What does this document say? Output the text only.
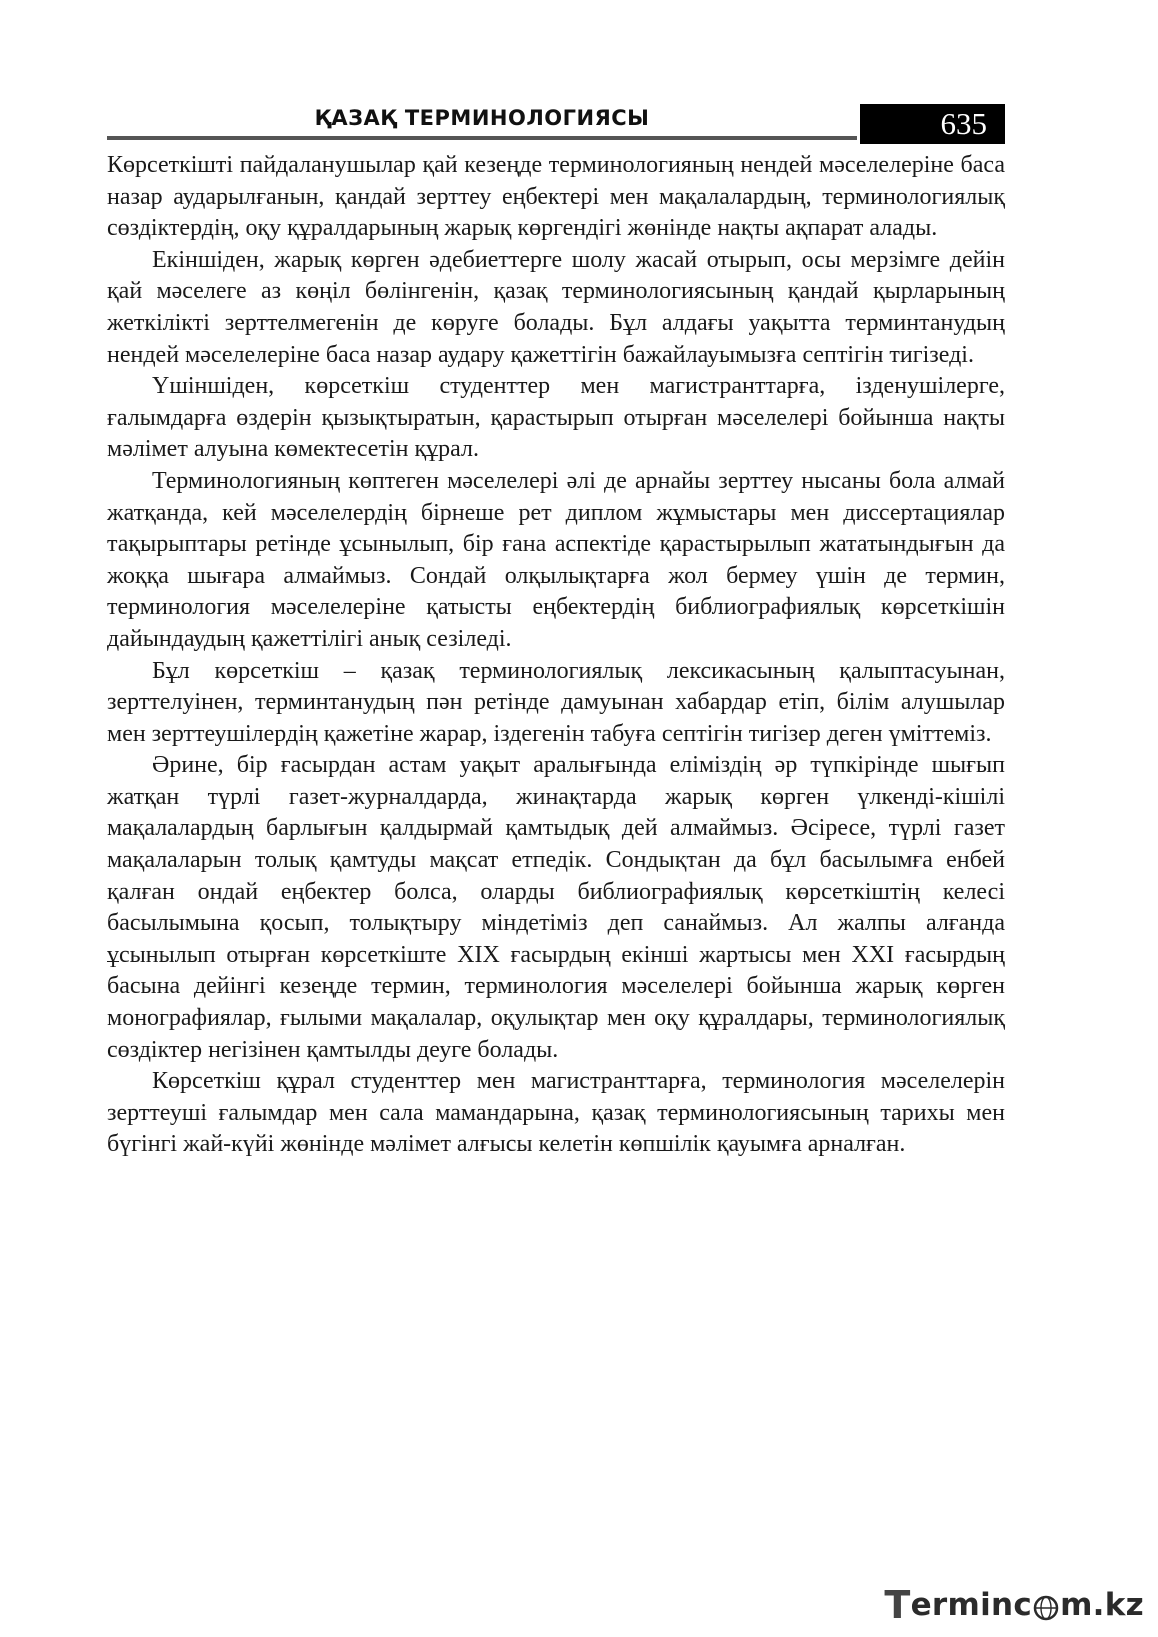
ҚАЗАҚ ТЕРМИНОЛОГИЯСЫ	635

Көрсеткішті пайдаланушылар қай кезеңде терминологияның нендей мәселелеріне баса назар аударылғанын, қандай зерттеу еңбектері мен мақалалардың, терминологиялық сөздіктердің, оқу құралдарының жарық көргендігі жөнінде нақты ақпарат алады.

Екіншіден, жарық көрген әдебиеттерге шолу жасай отырып, осы мерзімге дейін қай мәселеге аз көңіл бөлінгенін, қазақ терминологиясының қандай қырларының жеткілікті зерттелмегенін де көруге болады. Бұл алдағы уақытта терминтанудың нендей мәселелеріне баса назар аудару қажеттігін бажайлауымызға септігін тигізеді.

Үшіншіден, көрсеткіш студенттер мен магистранттарға, ізденушілерге, ғалымдарға өздерін қызықтыратын, қарастырып отырған мәселелері бойынша нақты мәлімет алуына көмектесетін құрал.

Терминологияның көптеген мәселелері әлі де арнайы зерттеу нысаны бола алмай жатқанда, кей мәселелердің бірнеше рет диплом жұмыстары мен диссертациялар тақырыптары ретінде ұсынылып, бір ғана аспектіде қарастырылып жататындығын да жоққа шығара алмаймыз. Сондай олқылықтарға жол бермеу үшін де термин, терминология мәселелеріне қатысты еңбектердің библиографиялық көрсеткішін дайындаудың қажеттілігі анық сезіледі.

Бұл көрсеткіш – қазақ терминологиялық лексикасының қалыптасуынан, зерттелуінен, терминтанудың пән ретінде дамуынан хабардар етіп, білім алушылар мен зерттеушілердің қажетіне жарар, іздегенін табуға септігін тигізер деген үміттеміз.

Әрине, бір ғасырдан астам уақыт аралығында еліміздің әр түпкірінде шығып жатқан түрлі газет-журналдарда, жинақтарда жарық көрген үлкенді-кішілі мақалалардың барлығын қалдырмай қамтыдық дей алмаймыз. Әсіресе, түрлі газет мақалаларын толық қамтуды мақсат етпедік. Сондықтан да бұл басылымға енбей қалған ондай еңбектер болса, оларды библиографиялық көрсеткіштің келесі басылымына қосып, толықтыру міндетіміз деп санаймыз. Ал жалпы алғанда ұсынылып отырған көрсеткіште XIX ғасырдың екінші жартысы мен XXI ғасырдың басына дейінгі кезеңде термин, терминология мәселелері бойынша жарық көрген монографиялар, ғылыми мақалалар, оқулықтар мен оқу құралдары, терминологиялық сөздіктер негізінен қамтылды деуге болады.

Көрсеткіш құрал студенттер мен магистранттарға, терминология мәселелерін зерттеуші ғалымдар мен сала мамандарына, қазақ терминологиясының тарихы мен бүгінгі жай-күйі жөнінде мәлімет алғысы келетін көпшілік қауымға арналған.

T erminc m.kz
